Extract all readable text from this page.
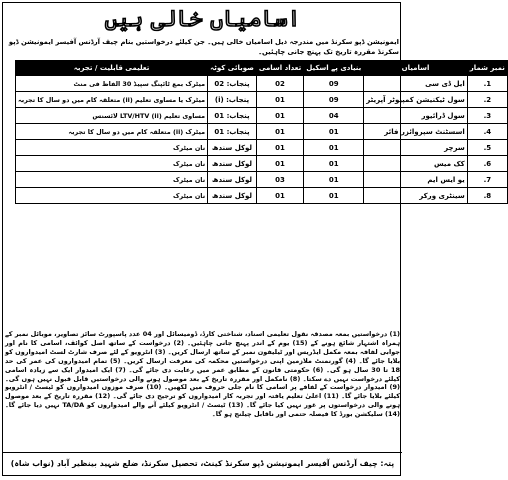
اسامیاں خالی ہیں
ایمونیشن ڈپو سکرنڈ میں مندرجہ ذیل اسامیاں خالی ہیں۔ جن کیلئے درخواستیں بنام چیف آرڈنس آفیسر ایمونیشن ڈپو سکرنڈ مقررہ تاریخ تک پہنچ جانی چاہئیں۔
نمبر شمار	اسامیاں	بنیادی پے اسکیل	تعداد اسامی	صوبائی کوٹہ	تعلیمی قابلیت / تجربہ
1.	ایل ڈی سی	09	02	پنجاب: 02	میٹرک بمع ٹائپنگ سپیڈ 30 الفاظ فی منٹ
2.	سول ٹیکنیشن کمپیوٹر آپریٹر	09	01	پنجاب: (i)	میٹرک یا مساوی تعلیم (ii) متعلقہ کام میں دو سال کا تجربہ
3.	سول ڈرائیور	04	01	پنجاب: 01	مساوی تعلیم (ii) LTV/HTV لائسنس
4.	اسسٹنٹ سپروائزر فائر	01	01	پنجاب: 01	میٹرک (ii) متعلقہ کام میں دو سال کا تجربہ
5.	سرچر	01	01	لوکل سندھ	نان میٹرک
6.	کک میس	01	01	لوکل سندھ	نان میٹرک
7.	یو ایس ایم	01	03	لوکل سندھ	نان میٹرک
8.	سینٹری ورکر	01	01	لوکل سندھ	نان میٹرک
(1) درخواستیں بمعہ مصدقہ نقول تعلیمی اسناد، شناختی کارڈ، ڈومیسائل اور 04 عدد پاسپورٹ سائز تصاویر، موبائل نمبر کے ہمراہ اشتہار شائع ہونے کے (15) یوم کے اندر پہنچ جانی چاہئیں۔ (2) درخواست کے ساتھ اصل کوائف، اسامی کا نام اور جوابی لفافہ بمعہ مکمل ایڈریس اور ٹیلیفون نمبر کے ساتھ ارسال کریں۔ (3) انٹرویو کے لئے صرف شارٹ لسٹ امیدواروں کو بلایا جائے گا۔ (4) گورنمنٹ ملازمین اپنی درخواستیں محکمہ کی معرفت ارسال کریں۔ (5) تمام امیدواروں کی عمر کی حد 18 تا 30 سال ہو گی۔ (6) حکومتی قانون کے مطابق عمر میں رعایت دی جائے گی۔ (7) ایک امیدوار ایک سے زیادہ اسامی کیلئے درخواست نہیں دے سکتا۔ (8) نامکمل اور مقررہ تاریخ کے بعد موصول ہونے والی درخواستیں قابل قبول نہیں ہوں گی۔ (9) امیدوار درخواست کے لفافے پر اسامی کا نام جلی حروف میں لکھیں۔ (10) صرف موزوں امیدواروں کو ٹیسٹ / انٹرویو کیلئے بلایا جائے گا۔ (11) اعلیٰ تعلیم یافتہ اور تجربہ کار امیدواروں کو ترجیح دی جائے گی۔ (12) مقررہ تاریخ کے بعد موصول ہونے والی درخواستوں پر غور نہیں کیا جائے گا۔ (13) ٹیسٹ / انٹرویو کیلئے آنے والے امیدواروں کو TA/DA نہیں دیا جائے گا۔ (14) سلیکشن بورڈ کا فیصلہ حتمی اور ناقابل چیلنج ہو گا۔
پتہ: چیف آرڈنس آفیسر ایمونیشن ڈپو سکرنڈ کینٹ، تحصیل سکرنڈ، ضلع شہید بینظیر آباد (نواب شاہ)
